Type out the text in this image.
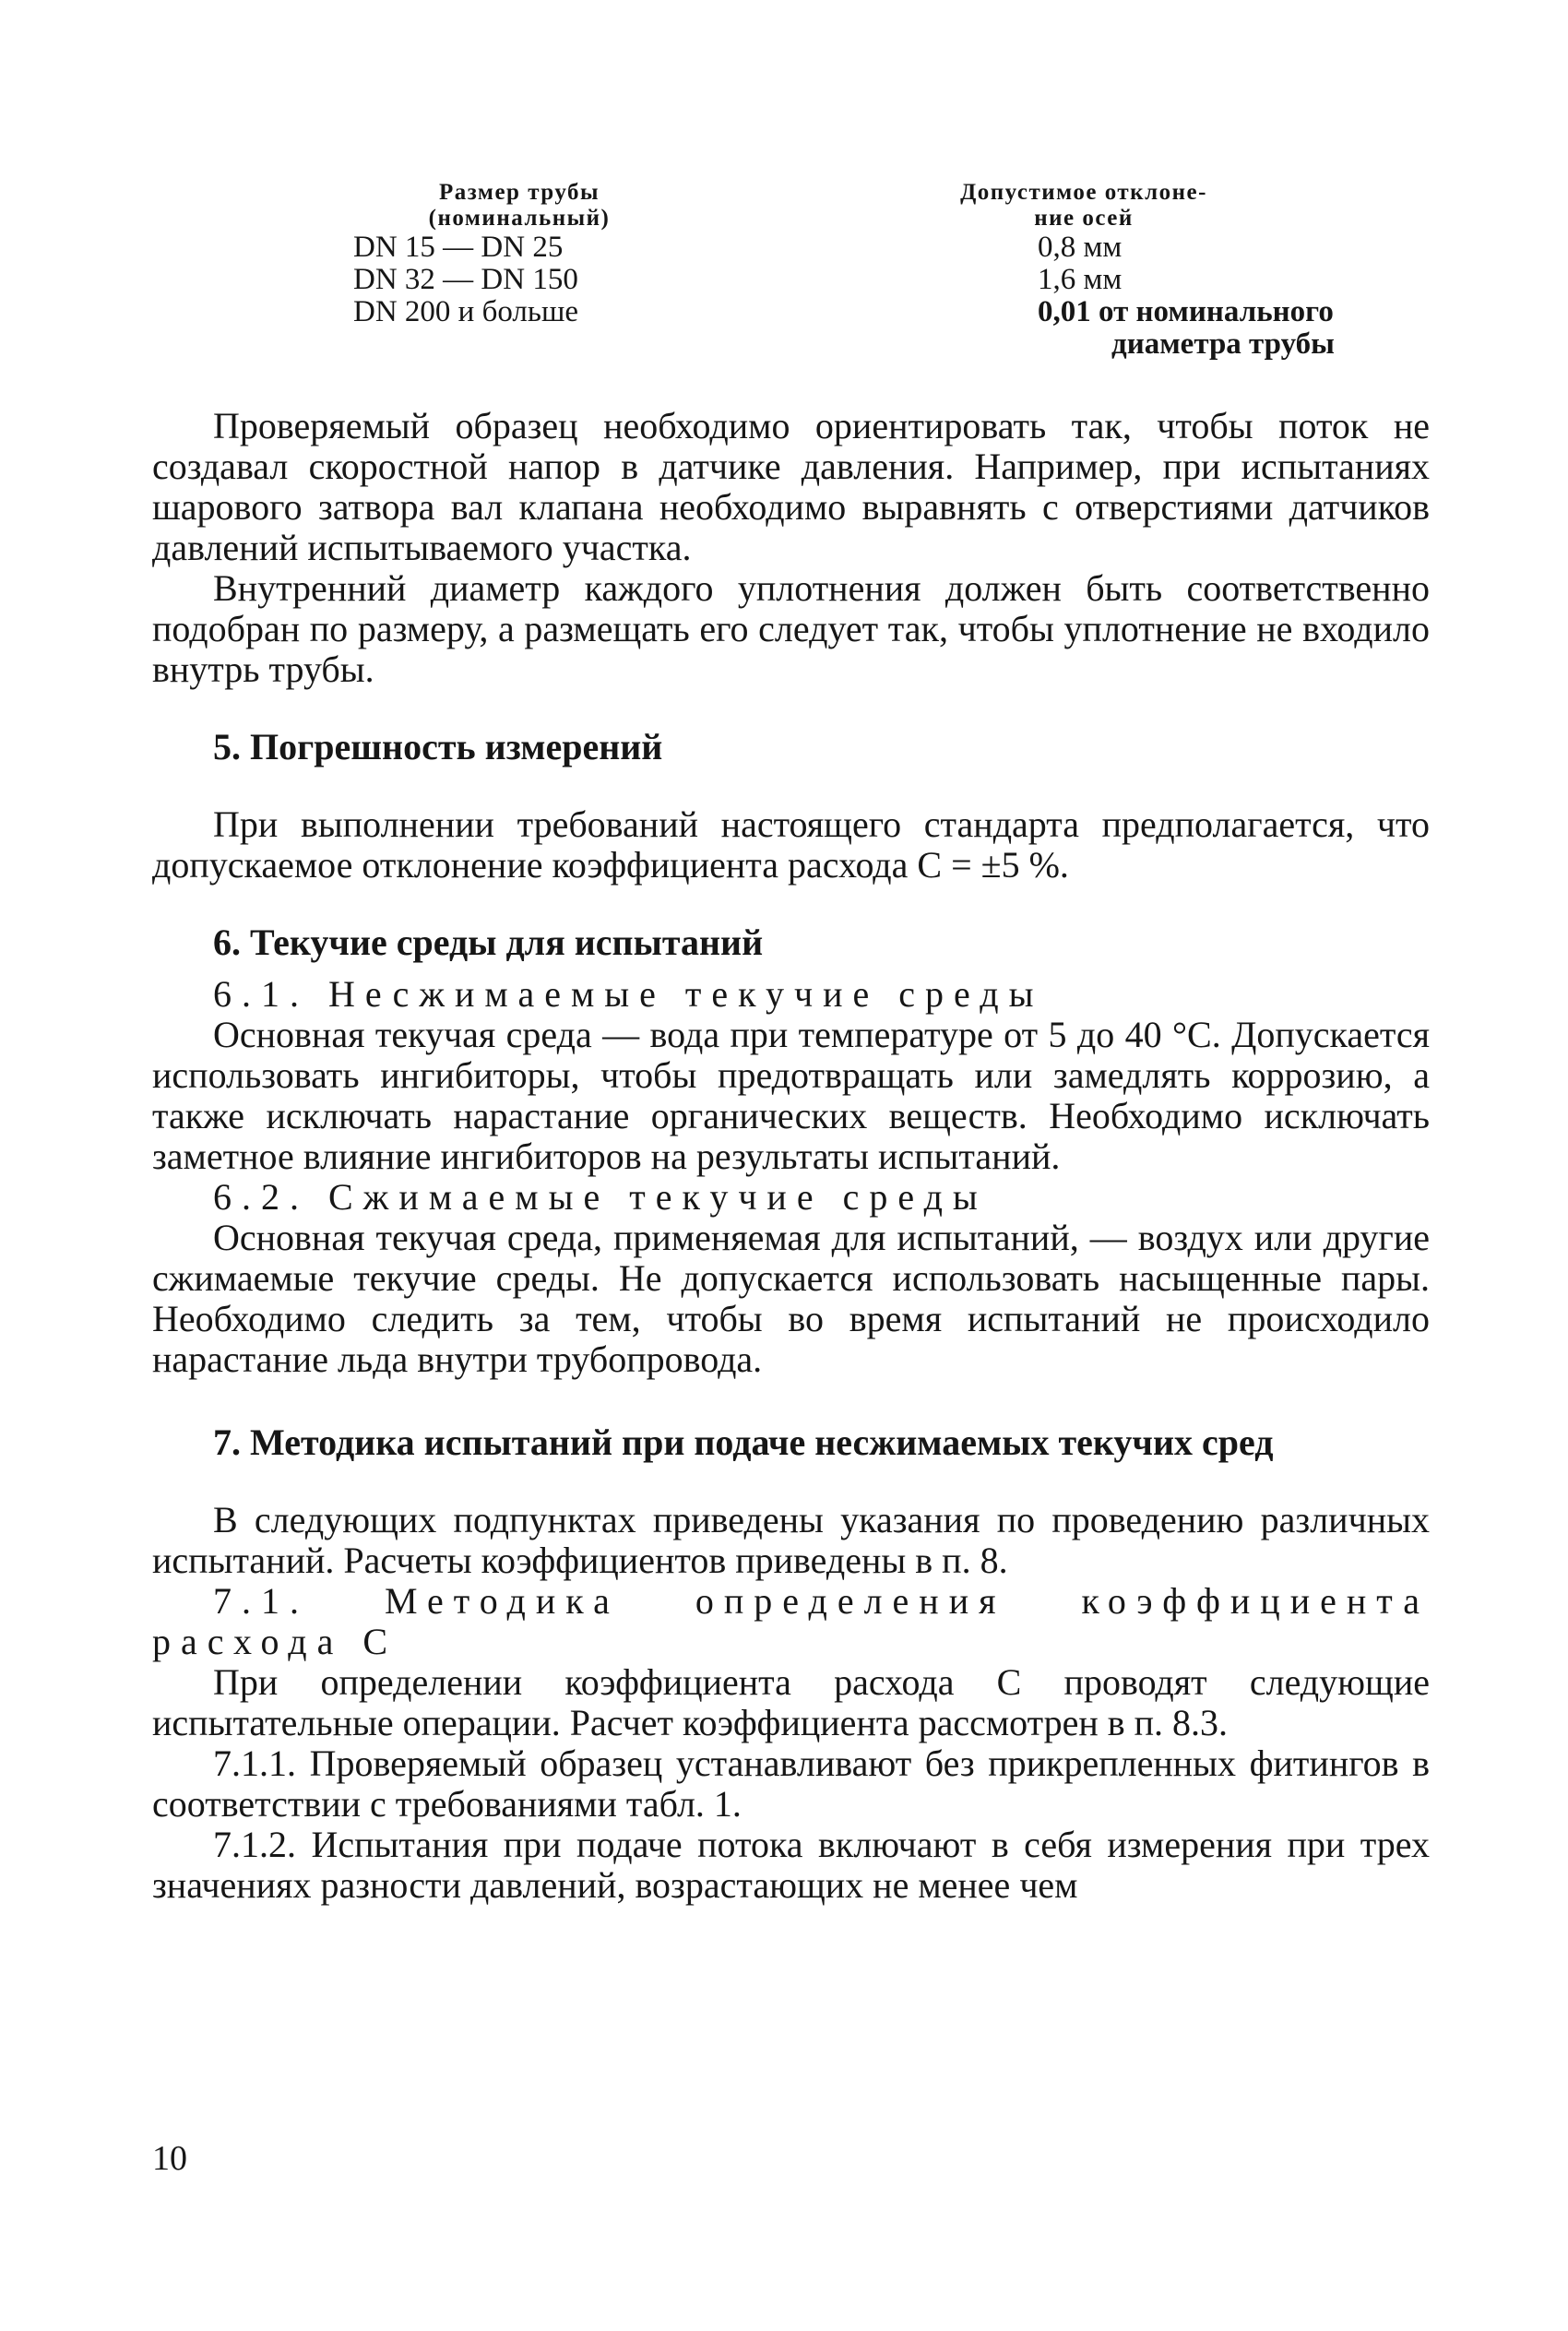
Размер трубы
(номинальный)
DN 15 — DN 25
DN 32 — DN 150
DN 200 и больше
Допустимое отклоне-
ние осей
0,8 мм
1,6 мм
0,01 от номинального
диаметра трубы

Проверяемый образец необходимо ориентировать так, чтобы поток не создавал скоростной напор в датчике давления. Например, при испытаниях шарового затвора вал клапана необходимо выравнять с отверстиями датчиков давлений испытываемого участка.

Внутренний диаметр каждого уплотнения должен быть соответственно подобран по размеру, а размещать его следует так, чтобы уплотнение не входило внутрь трубы.

5. Погрешность измерений

При выполнении требований настоящего стандарта предполагается, что допускаемое отклонение коэффициента расхода C = ±5 %.

6. Текучие среды для испытаний

6.1. Несжимаемые текучие среды

Основная текучая среда — вода при температуре от 5 до 40 °С. Допускается использовать ингибиторы, чтобы предотвращать или замедлять коррозию, а также исключать нарастание органических веществ. Необходимо исключать заметное влияние ингибиторов на результаты испытаний.

6.2. Сжимаемые текучие среды

Основная текучая среда, применяемая для испытаний, — воздух или другие сжимаемые текучие среды. Не допускается использовать насыщенные пары. Необходимо следить за тем, чтобы во время испытаний не происходило нарастание льда внутри трубопровода.

7. Методика испытаний при подаче несжимаемых текучих сред

В следующих подпунктах приведены указания по проведению различных испытаний. Расчеты коэффициентов приведены в п. 8.

7.1. Методика определения коэффициента расхода C

При определении коэффициента расхода C проводят следующие испытательные операции. Расчет коэффициента рассмотрен в п. 8.3.

7.1.1. Проверяемый образец устанавливают без прикрепленных фитингов в соответствии с требованиями табл. 1.

7.1.2. Испытания при подаче потока включают в себя измерения при трех значениях разности давлений, возрастающих не менее чем

10
